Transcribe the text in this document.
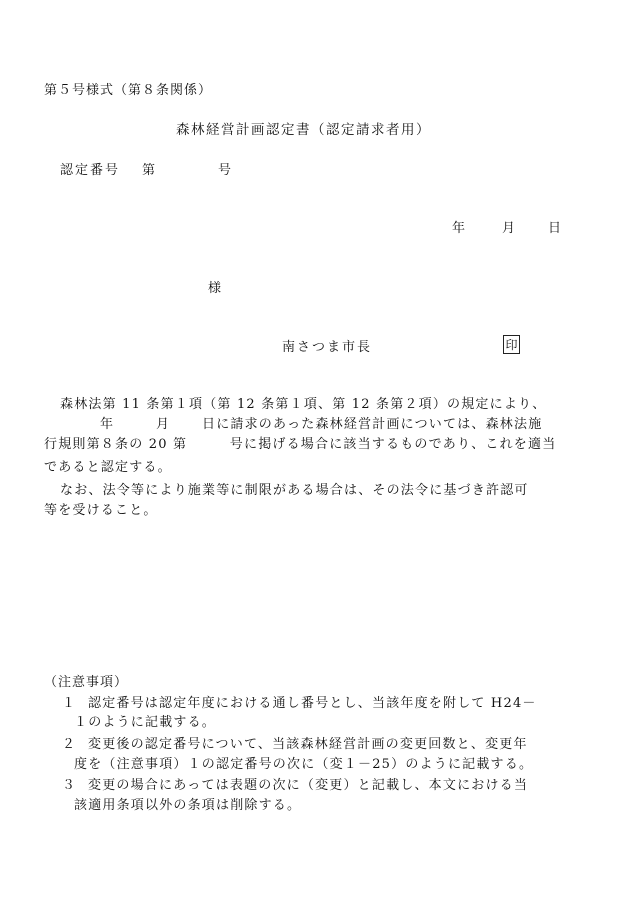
第５号様式（第８条関係）
森林経営計画認定書（認定請求者用）
認定番号 第	号
年	月 日
様
南さつま市長	印
森林法第 11 条第１項（第 12 条第１項、第 12 条第２項）の規定により、
年	月 日に請求のあった森林経営計画については、森林法施
行規則第８条の 20 第　　　号に掲げる場合に該当するものであり、これを適当
であると認定する。
なお、法令等により施業等に制限がある場合は、その法令に基づき許認可
等を受けること。
（注意事項）
１ 認定番号は認定年度における通し番号とし、当該年度を附して H24－
１のように記載する。
２ 変更後の認定番号について、当該森林経営計画の変更回数と、変更年
度を（注意事項）１の認定番号の次に（変１－25）のように記載する。
３ 変更の場合にあっては表題の次に（変更）と記載し、本文における当
該適用条項以外の条項は削除する。
